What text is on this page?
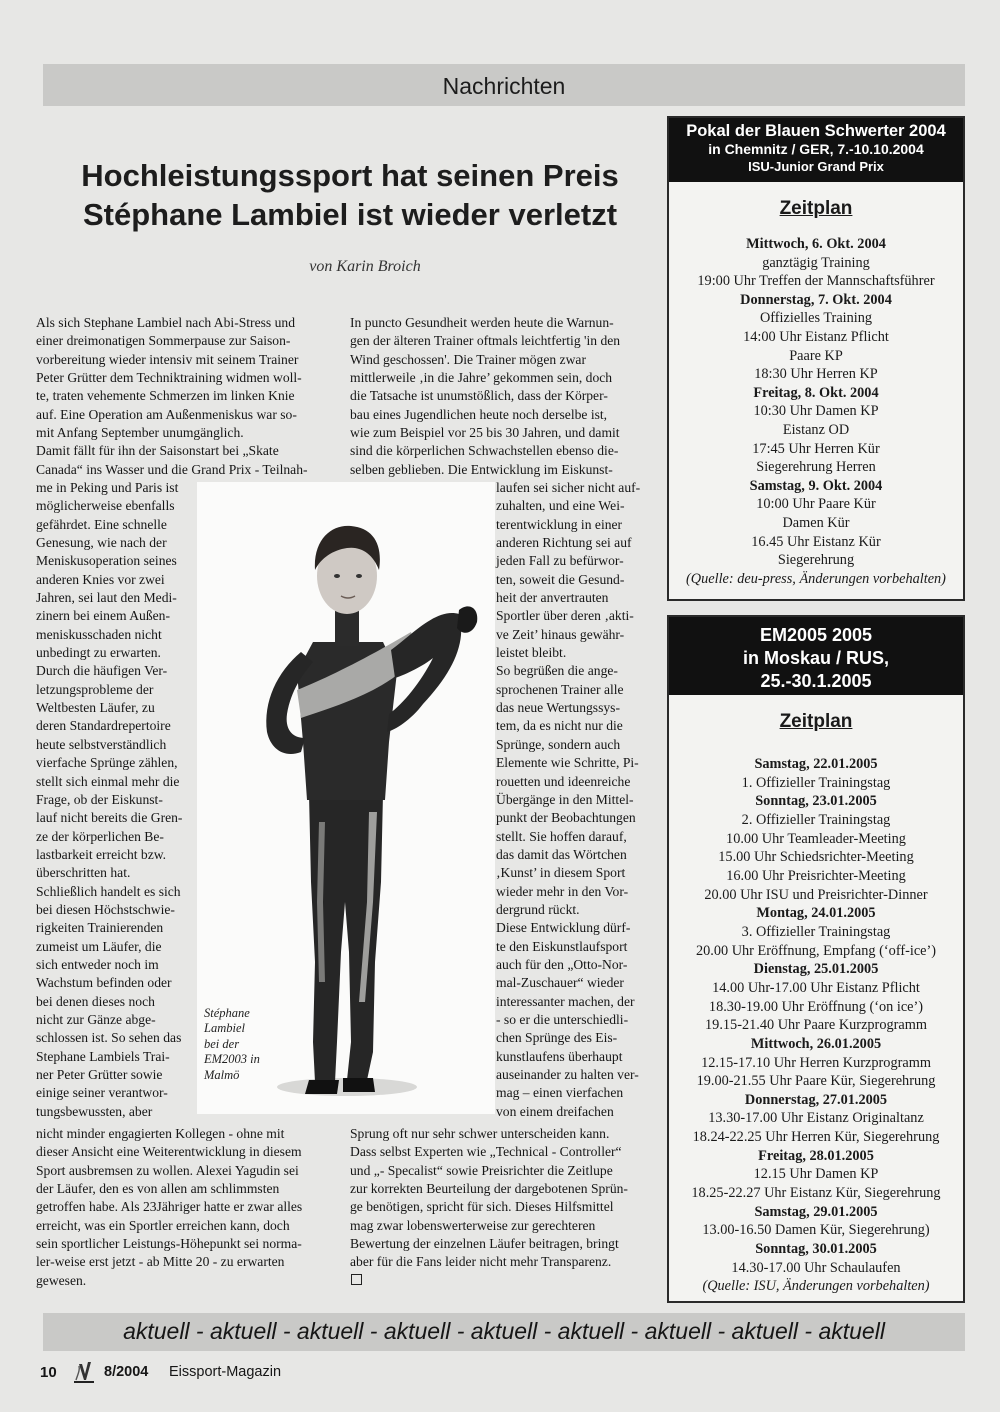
Nachrichten
Hochleistungssport hat seinen Preis
Stéphane Lambiel ist wieder verletzt
von Karin Broich

Als sich Stephane Lambiel nach Abi-Stress und
einer dreimonatigen Sommerpause zur Saison-
vorbereitung wieder intensiv mit seinem Trainer
Peter Grütter dem Techniktraining widmen woll-
te, traten vehemente Schmerzen im linken Knie
auf. Eine Operation am Außenmeniskus war so-
mit Anfang September unumgänglich.
Damit fällt für ihn der Saisonstart bei „Skate
Canada“ ins Wasser und die Grand Prix - Teilnah-

me in Peking und Paris ist
möglicherweise ebenfalls
gefährdet. Eine schnelle
Genesung, wie nach der
Meniskusoperation seines
anderen Knies vor zwei
Jahren, sei laut den Medi-
zinern bei einem Außen-
meniskusschaden nicht
unbedingt zu erwarten.
Durch die häufigen Ver-
letzungsprobleme der
Weltbesten Läufer, zu
deren Standardrepertoire
heute selbstverständlich
vierfache Sprünge zählen,
stellt sich einmal mehr die
Frage, ob der Eiskunst-
lauf nicht bereits die Gren-
ze der körperlichen Be-
lastbarkeit erreicht bzw.
überschritten hat.
Schließlich handelt es sich
bei diesen Höchstschwie-
rigkeiten Trainierenden
zumeist um Läufer, die
sich entweder noch im
Wachstum befinden oder
bei denen dieses noch
nicht zur Gänze abge-
schlossen ist. So sehen das
Stephane Lambiels Trai-
ner Peter Grütter sowie
einige seiner verantwor-
tungsbewussten, aber

nicht minder engagierten Kollegen - ohne mit
dieser Ansicht eine Weiterentwicklung in diesem
Sport ausbremsen zu wollen. Alexei Yagudin sei
der Läufer, den es von allen am schlimmsten
getroffen habe. Als 23Jähriger hatte er zwar alles
erreicht, was ein Sportler erreichen kann, doch
sein sportlicher Leistungs-Höhepunkt sei norma-
ler-weise erst jetzt - ab Mitte 20 - zu erwarten
gewesen.

In puncto Gesundheit werden heute die Warnun-
gen der älteren Trainer oftmals leichtfertig 'in den
Wind geschossen'. Die Trainer mögen zwar
mittlerweile ‚in die Jahre’ gekommen sein, doch
die Tatsache ist unumstößlich, dass der Körper-
bau eines Jugendlichen heute noch derselbe ist,
wie zum Beispiel vor 25 bis 30 Jahren, und damit
sind die körperlichen Schwachstellen ebenso die-
selben geblieben. Die Entwicklung im Eiskunst-

laufen sei sicher nicht auf-
zuhalten, und eine Wei-
terentwicklung in einer
anderen Richtung sei auf
jeden Fall zu befürwor-
ten, soweit die Gesund-
heit der anvertrauten
Sportler über deren ‚akti-
ve Zeit’ hinaus gewähr-
leistet bleibt.
So begrüßen die ange-
sprochenen Trainer alle
das neue Wertungssys-
tem, da es nicht nur die
Sprünge, sondern auch
Elemente wie Schritte, Pi-
rouetten und ideenreiche
Übergänge in den Mittel-
punkt der Beobachtungen
stellt. Sie hoffen darauf,
das damit das Wörtchen
‚Kunst’ in diesem Sport
wieder mehr in den Vor-
dergrund rückt.
Diese Entwicklung dürf-
te den Eiskunstlaufsport
auch für den „Otto-Nor-
mal-Zuschauer“ wieder
interessanter machen, der
- so er die unterschiedli-
chen Sprünge des Eis-
kunstlaufens überhaupt
auseinander zu halten ver-
mag – einen vierfachen
von einem dreifachen

Sprung oft nur sehr schwer unterscheiden kann.
Dass selbst Experten wie „Technical - Controller“
und „- Specalist“ sowie Preisrichter die Zeitlupe
zur korrekten Beurteilung der dargebotenen Sprün-
ge benötigen, spricht für sich. Dieses Hilfsmittel
mag zwar lobenswerterweise zur gerechteren
Bewertung der einzelnen Läufer beitragen, bringt
aber für die Fans leider nicht mehr Transparenz.

Stéphane
Lambiel
bei der
EM2003 in
Malmö
Pokal der Blauen Schwerter 2004
in Chemnitz / GER, 7.-10.10.2004
ISU-Junior Grand Prix
Zeitplan
Mittwoch, 6. Okt. 2004
ganztägig Training
19:00 Uhr Treffen der Mannschaftsführer
Donnerstag, 7. Okt. 2004
Offizielles Training
14:00 Uhr Eistanz Pflicht
Paare KP
18:30 Uhr Herren KP
Freitag, 8. Okt. 2004
10:30 Uhr Damen KP
Eistanz OD
17:45 Uhr Herren Kür
Siegerehrung Herren
Samstag, 9. Okt. 2004
10:00 Uhr Paare Kür
Damen Kür
16.45 Uhr Eistanz Kür
Siegerehrung
(Quelle: deu-press, Änderungen vorbehalten)
EM2005 2005
in Moskau / RUS,
25.-30.1.2005
Zeitplan
Samstag, 22.01.2005
1. Offizieller Trainingstag
Sonntag, 23.01.2005
2. Offizieller Trainingstag
10.00 Uhr Teamleader-Meeting
15.00 Uhr Schiedsrichter-Meeting
16.00 Uhr Preisrichter-Meeting
20.00 Uhr ISU und Preisrichter-Dinner
Montag, 24.01.2005
3. Offizieller Trainingstag
20.00 Uhr Eröffnung, Empfang (‘off-ice’)
Dienstag, 25.01.2005
14.00 Uhr-17.00 Uhr Eistanz Pflicht
18.30-19.00 Uhr Eröffnung (‘on ice’)
19.15-21.40 Uhr Paare Kurzprogramm
Mittwoch, 26.01.2005
12.15-17.10 Uhr Herren Kurzprogramm
19.00-21.55 Uhr Paare Kür, Siegerehrung
Donnerstag, 27.01.2005
13.30-17.00 Uhr Eistanz Originaltanz
18.24-22.25 Uhr Herren Kür, Siegerehrung
Freitag, 28.01.2005
12.15 Uhr Damen KP
18.25-22.27 Uhr Eistanz Kür, Siegerehrung
Samstag, 29.01.2005
13.00-16.50 Damen Kür, Siegerehrung)
Sonntag, 30.01.2005
14.30-17.00 Uhr Schaulaufen
(Quelle: ISU, Änderungen vorbehalten)
aktuell - aktuell - aktuell - aktuell - aktuell - aktuell - aktuell - aktuell - aktuell
10	8/2004 Eissport-Magazin
